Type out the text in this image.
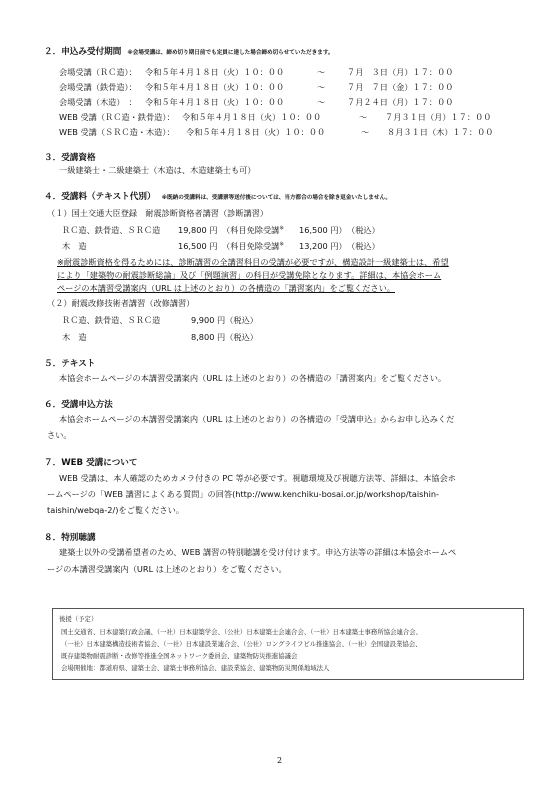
２．申込み受付期間 ※会場受講は、締め切り期日前でも定員に達した場合締め切らせていただきます。
会場受講（ＲＣ造）： 令和５年４月１８日（火）１０：００	～	７月　３日（月）１７：００
会場受講（鉄骨造）： 令和５年４月１８日（火）１０：００	～	７月　７日（金）１７：００
会場受講（木造）　： 令和５年４月１８日（火）１０：００	～	７月２４日（月）１７：００
WEB 受講（ＲＣ造・鉄骨造）： 令和５年４月１８日（火）１０：００	～ ７月３１日（月）１７：００
WEB 受講（ＳＲＣ造・木造）： 令和５年４月１８日（火）１０：００	～ ８月３１日（木）１７：００
３．受講資格
一級建築士・二級建築士（木造は、木造建築士も可）
４．受講料（テキスト代別） ※既納の受講料は、受講票等送付後については、当方都合の場合を除き返金いたしません。
（１）国土交通大臣登録　耐震診断資格者講習（診断講習）
ＲＣ造、鉄骨造、ＳＲＣ造 19,800 円 （科目免除受講※ 16,500 円） （税込）
木　造	16,500 円 （科目免除受講※ 13,200 円） （税込）
※耐震診断資格を得るためには、診断講習の全講習科目の受講が必要ですが、構造設計一級建築士は、希望
により「建築物の耐震診断総論」及び「例題演習」の科目が受講免除となります。詳細は、本協会ホーム
ページの本講習受講案内（URL は上述のとおり）の各構造の「講習案内」をご覧ください。
（２）耐震改修技術者講習（改修講習）
ＲＣ造、鉄骨造、ＳＲＣ造	9,900 円（税込）
木　造	8,800 円（税込）
５．テキスト
本協会ホームページの本講習受講案内（URL は上述のとおり）の各構造の「講習案内」をご覧ください。
６．受講申込方法
本協会ホームページの本講習受講案内（URL は上述のとおり）の各構造の「受講申込」からお申し込みくだ
さい。
７．WEB 受講について
WEB 受講は、本人確認のためカメラ付きの PC 等が必要です。視聴環境及び視聴方法等、詳細は、本協会ホ
ームページの「WEB 講習によくある質問」の回答(http://www.kenchiku-bosai.or.jp/workshop/taishin-
taishin/webqa-2/)をご覧ください。
８．特別聴講
建築士以外の受講希望者のため、WEB 講習の特別聴講を受け付けます。申込方法等の詳細は本協会ホームペ
ージの本講習受講案内（URL は上述のとおり）をご覧ください。
後援（予定）
国土交通省、日本建築行政会議、（一社）日本建築学会、（公社）日本建築士会連合会、（一社）日本建築士事務所協会連合会、
（一社）日本建築構造技術者協会、（一社）日本建設業連合会、（公社）ロングライフビル推進協会、（一社）全国建設業協会、
既存建築物耐震診断・改修等推進全国ネットワーク委員会、建築物防災推進協議会
会場開催地：都道府県、建築士会、建築士事務所協会、建設業協会、建築物防災関係地域法人
2
